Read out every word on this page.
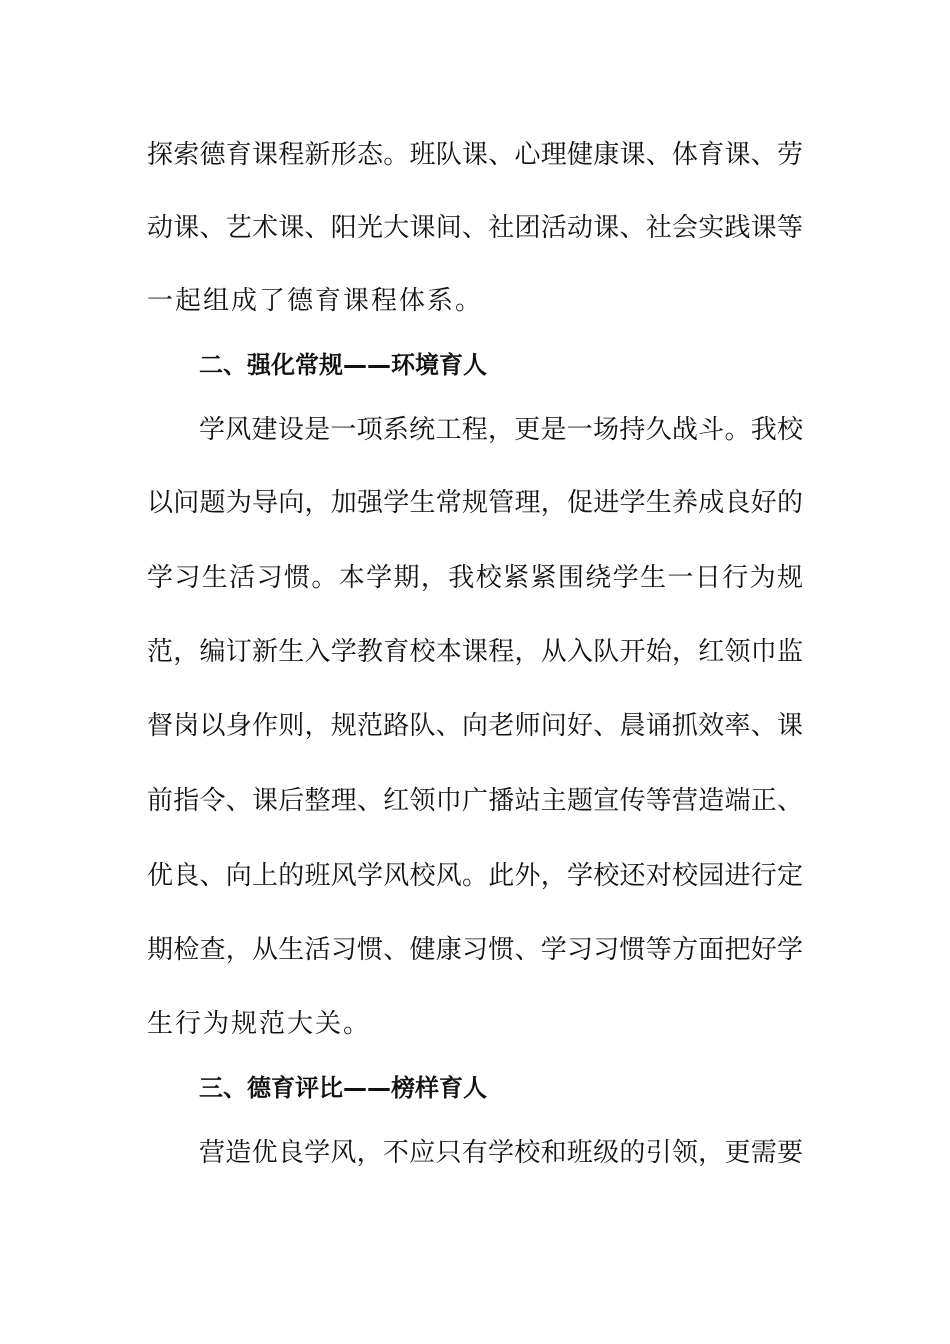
探索德育课程新形态。班队课、心理健康课、体育课、劳
动课、艺术课、阳光大课间、社团活动课、社会实践课等
一起组成了德育课程体系。
二、强化常规——环境育人
学风建设是一项系统工程，更是一场持久战斗。我校
以问题为导向，加强学生常规管理，促进学生养成良好的
学习生活习惯。本学期，我校紧紧围绕学生一日行为规
范，编订新生入学教育校本课程，从入队开始，红领巾监
督岗以身作则，规范路队、向老师问好、晨诵抓效率、课
前指令、课后整理、红领巾广播站主题宣传等营造端正、
优良、向上的班风学风校风。此外，学校还对校园进行定
期检查，从生活习惯、健康习惯、学习习惯等方面把好学
生行为规范大关。
三、德育评比——榜样育人
营造优良学风，不应只有学校和班级的引领，更需要
